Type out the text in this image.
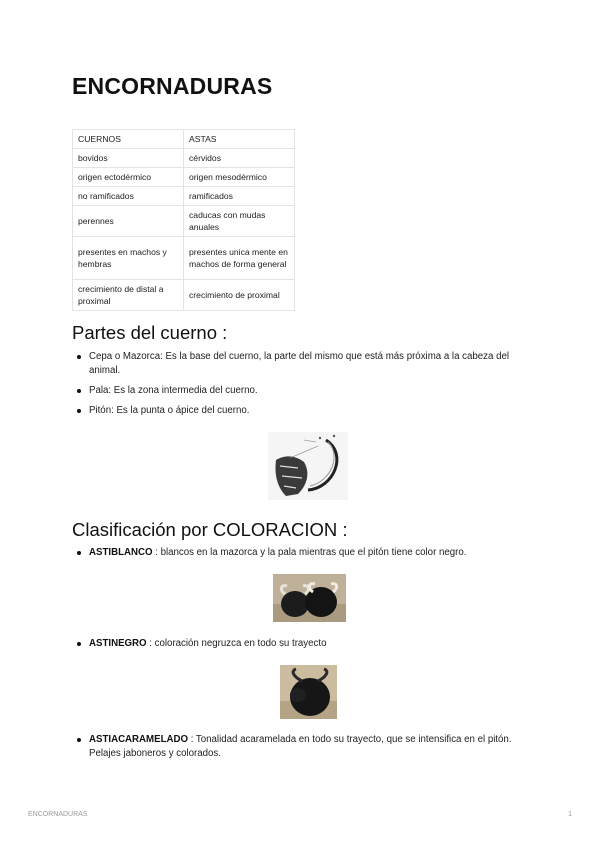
ENCORNADURAS
CUERNOS	ASTAS
bovidos	cérvidos
origen ectodérmico	origen mesodérmico
no ramificados	ramificados
perennes	caducas con mudas anuales
presentes en machos y hembras	presentes unica mente en machos de forma general
crecimiento de distal a proximal	crecimiento de proximal
Partes del cuerno :
Cepa o Mazorca: Es la base del cuerno, la parte del mismo que está más próxima a la cabeza del animal.
Pala: Es la zona intermedia del cuerno.
Pitón: Es la punta o ápice del cuerno.
Clasificación por COLORACION :
ASTIBLANCO : blancos en la mazorca y la pala mientras que el pitón tiene color negro.
ASTINEGRO : coloración negruzca en todo su trayecto
ASTIACARAMELADO : Tonalidad acaramelada en todo su trayecto, que se intensifica en el pitón. Pelajes jaboneros y colorados.
ENCORNADURAS	1
